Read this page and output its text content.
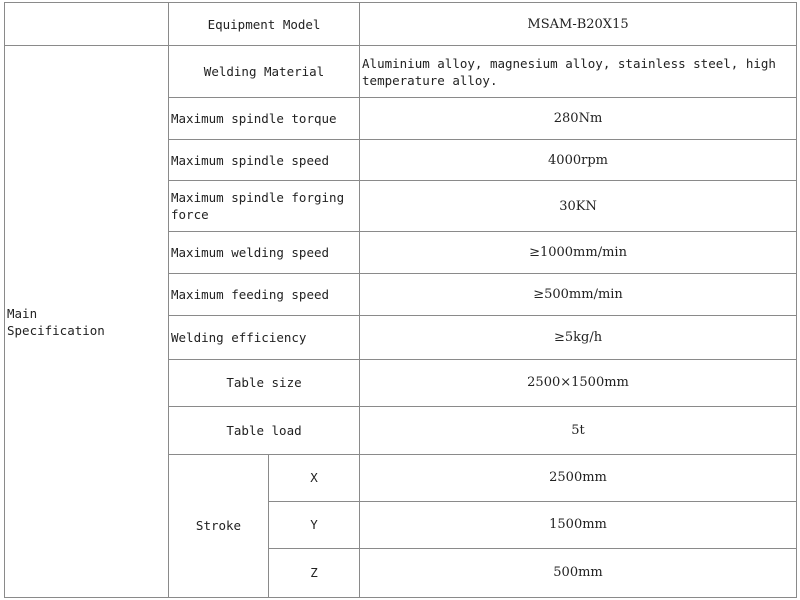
	Equipment Model		MSAM-B20X15
Main
Specification	Welding Material		Aluminium alloy, magnesium alloy, stainless steel, high temperature alloy.
	Maximum spindle torque		280Nm
	Maximum spindle speed		4000rpm
	Maximum spindle forging force		30KN
	Maximum welding speed		≥1000mm/min
	Maximum feeding speed		≥500mm/min
	Welding efficiency		≥5kg/h
	Table size		2500×1500mm
	Table load		5t
	Stroke	X	2500mm
		Y	1500mm
		Z	500mm
